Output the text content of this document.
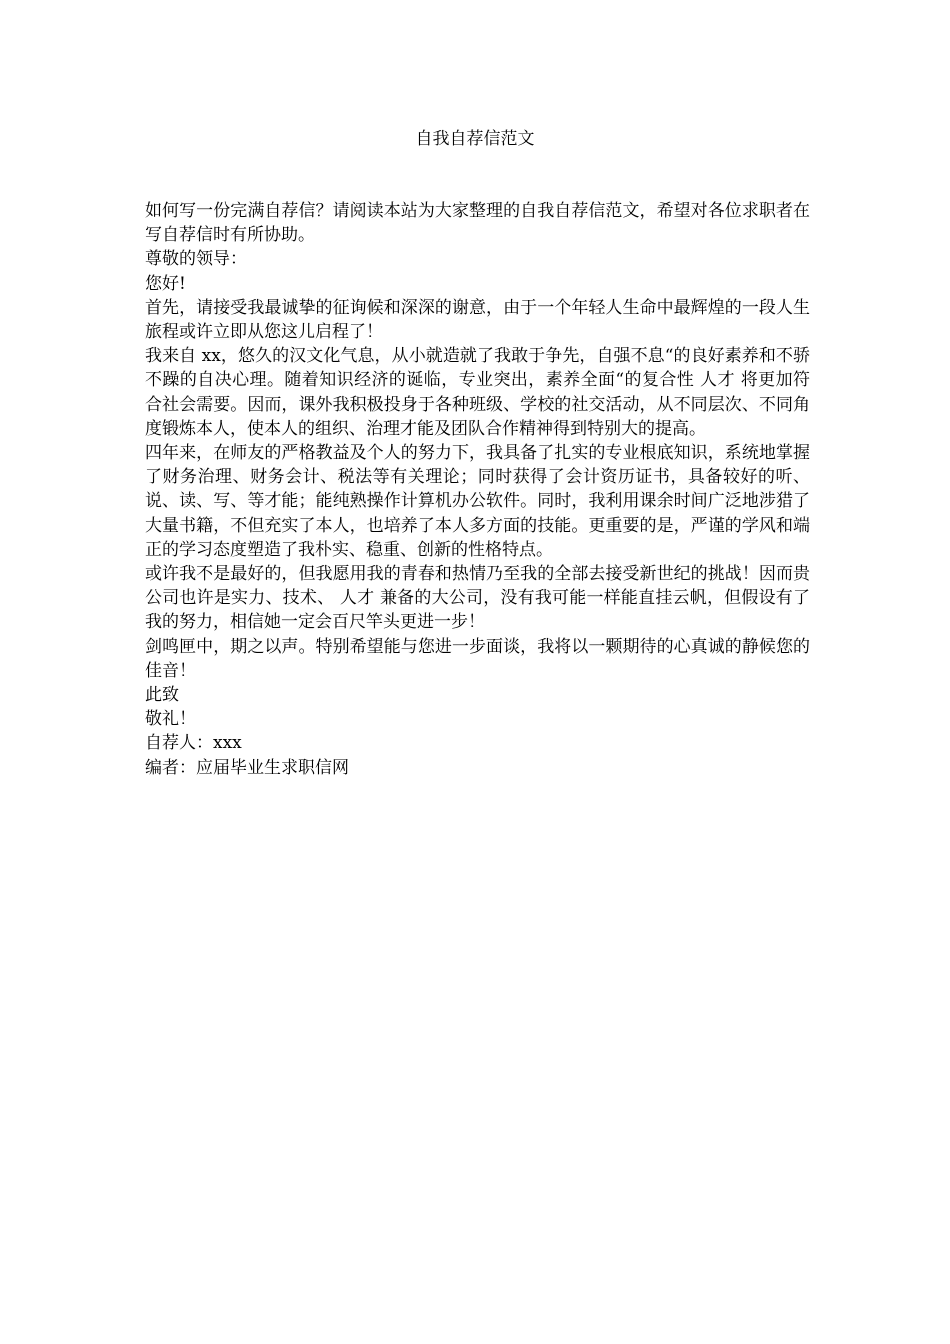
自我自荐信范文

如何写一份完满自荐信？请阅读本站为大家整理的自我自荐信范文，希望对各位求职者在写自荐信时有所协助。

尊敬的领导：

您好!

首先，请接受我最诚挚的征询候和深深的谢意，由于一个年轻人生命中最辉煌的一段人生旅程或许立即从您这儿启程了！

我来自 xx，悠久的汉文化气息，从小就造就了我敢于争先，自强不息“的良好素养和不骄不躁的自决心理。随着知识经济的诞临，专业突出，素养全面“的复合性 人才 将更加符合社会需要。因而，课外我积极投身于各种班级、学校的社交活动，从不同层次、不同角度锻炼本人，使本人的组织、治理才能及团队合作精神得到特别大的提高。

四年来，在师友的严格教益及个人的努力下，我具备了扎实的专业根底知识，系统地掌握了财务治理、财务会计、税法等有关理论；同时获得了会计资历证书，具备较好的听、说、读、写、等才能；能纯熟操作计算机办公软件。同时，我利用课余时间广泛地涉猎了大量书籍，不但充实了本人，也培养了本人多方面的技能。更重要的是，严谨的学风和端正的学习态度塑造了我朴实、稳重、创新的性格特点。

或许我不是最好的，但我愿用我的青春和热情乃至我的全部去接受新世纪的挑战！因而贵公司也许是实力、技术、 人才 兼备的大公司，没有我可能一样能直挂云帆，但假设有了我的努力，相信她一定会百尺竿头更进一步！

剑鸣匣中，期之以声。特别希望能与您进一步面谈，我将以一颗期待的心真诚的静候您的佳音！

此致

敬礼！

自荐人：xxx

编者：应届毕业生求职信网
